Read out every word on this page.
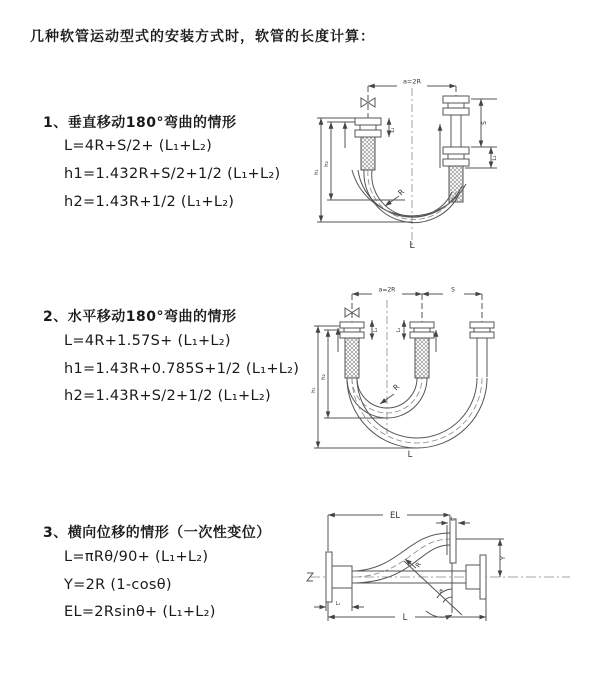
几种软管运动型式的安装方式时，软管的长度计算：
1、垂直移动180°弯曲的情形
L=4R+S/2+ (L₁+L₂)
h1=1.432R+S/2+1/2 (L₁+L₂)
h2=1.43R+1/2 (L₁+L₂)
2、水平移动180°弯曲的情形
L=4R+1.57S+ (L₁+L₂)
h1=1.43R+0.785S+1/2 (L₁+L₂)
h2=1.43R+S/2+1/2 (L₁+L₂)
3、横向位移的情形（一次性变位）
L=πRθ/90+ (L₁+L₂)
Y=2R (1-cosθ)
EL=2Rsinθ+ (L₁+L₂)
a=2R
L₁
S
L₂
h₁
h₂
R
L
a=2R	S
L₁	L₂
h₁
h₂
R
L
EL	L₁
Y
θ
R
L
L₁
